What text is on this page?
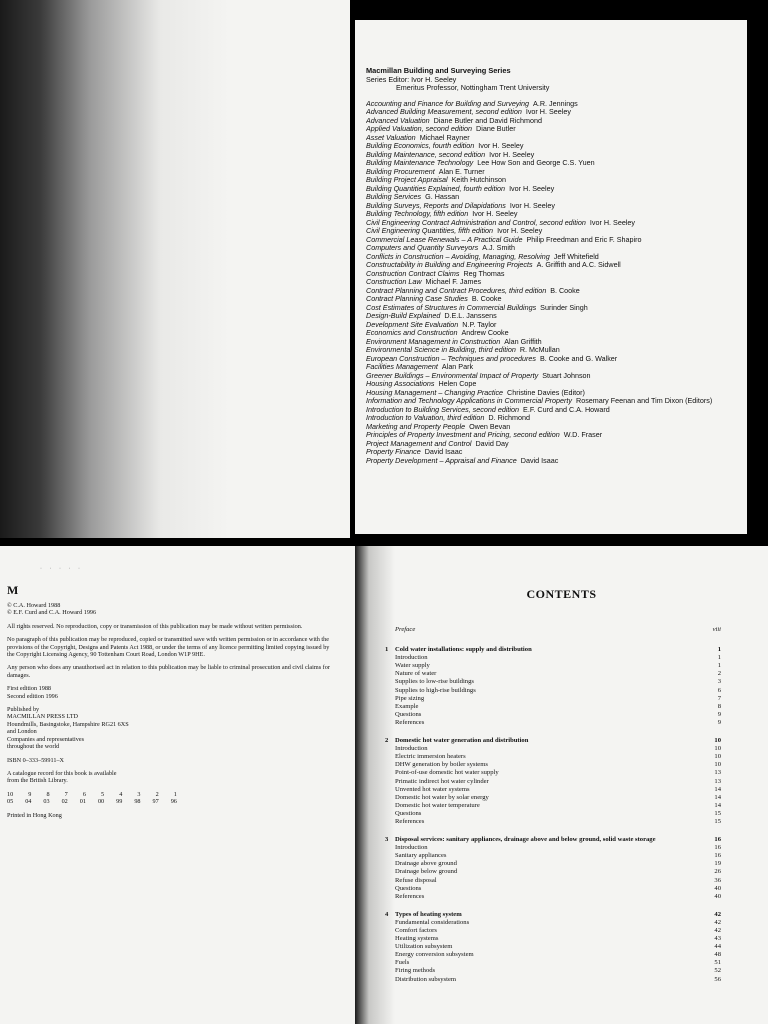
Macmillan Building and Surveying Series
Series Editor: Ivor H. Seeley
Emeritus Professor, Nottingham Trent University
Accounting and Finance for Building and Surveying A.R. Jennings
Advanced Building Measurement, second edition Ivor H. Seeley
Advanced Valuation Diane Butler and David Richmond
Applied Valuation, second edition Diane Butler
Asset Valuation Michael Rayner
Building Economics, fourth edition Ivor H. Seeley
Building Maintenance, second edition Ivor H. Seeley
Building Maintenance Technology Lee How Son and George C.S. Yuen
Building Procurement Alan E. Turner
Building Project Appraisal Keith Hutchinson
Building Quantities Explained, fourth edition Ivor H. Seeley
Building Services G. Hassan
Building Surveys, Reports and Dilapidations Ivor H. Seeley
Building Technology, fifth edition Ivor H. Seeley
Civil Engineering Contract Administration and Control, second edition Ivor H. Seeley
Civil Engineering Quantities, fifth edition Ivor H. Seeley
Commercial Lease Renewals – A Practical Guide Philip Freedman and Eric F. Shapiro
Computers and Quantity Surveyors A.J. Smith
Conflicts in Construction – Avoiding, Managing, Resolving Jeff Whitefield
Constructability in Building and Engineering Projects A. Griffith and A.C. Sidwell
Construction Contract Claims Reg Thomas
Construction Law Michael F. James
Contract Planning and Contract Procedures, third edition B. Cooke
Contract Planning Case Studies B. Cooke
Cost Estimates of Structures in Commercial Buildings Surinder Singh
Design-Build Explained D.E.L. Janssens
Development Site Evaluation N.P. Taylor
Economics and Construction Andrew Cooke
Environment Management in Construction Alan Griffith
Environmental Science in Building, third edition R. McMullan
European Construction – Techniques and procedures B. Cooke and G. Walker
Facilities Management Alan Park
Greener Buildings – Environmental Impact of Property Stuart Johnson
Housing Associations Helen Cope
Housing Management – Changing Practice Christine Davies (Editor)
Information and Technology Applications in Commercial Property Rosemary Feenan and Tim Dixon (Editors)
Introduction to Building Services, second edition E.F. Curd and C.A. Howard
Introduction to Valuation, third edition D. Richmond
Marketing and Property People Owen Bevan
Principles of Property Investment and Pricing, second edition W.D. Fraser
Project Management and Control David Day
Property Finance David Isaac
Property Development – Appraisal and Finance David Isaac
· · · · ·
M

© C.A. Howard 1988
© E.F. Curd and C.A. Howard 1996

All rights reserved. No reproduction, copy or transmission of this publication may be made without written permission.

No paragraph of this publication may be reproduced, copied or transmitted save with written permission or in accordance with the provisions of the Copyright, Designs and Patents Act 1988, or under the terms of any licence permitting limited copying issued by the Copyright Licensing Agency, 90 Tottenham Court Road, London W1P 9HE.

Any person who does any unauthorised act in relation to this publication may be liable to criminal prosecution and civil claims for damages.

First edition 1988
Second edition 1996

Published by
MACMILLAN PRESS LTD
Houndmills, Basingstoke, Hampshire RG21 6XS
and London
Companies and representatives
throughout the world

ISBN 0–333–59911–X

A catalogue record for this book is available
from the British Library.

10 9 8 7 6 5 4 3 2 1
05 04 03 02 01 00 99 98 97 96

Printed in Hong Kong

CONTENTS
Preface	viii
1 Cold water installations: supply and distribution	1
Introduction	1
Water supply	1
Nature of water	2
Supplies to low-rise buildings	3
Supplies to high-rise buildings	6
Pipe sizing	7
Example	8
Questions	9
References	9
2 Domestic hot water generation and distribution	10
Introduction	10
Electric immersion heaters	10
DHW generation by boiler systems	10
Point-of-use domestic hot water supply	13
Primatic indirect hot water cylinder	13
Unvented hot water systems	14
Domestic hot water by solar energy	14
Domestic hot water temperature	14
Questions	15
References	15
3 Disposal services: sanitary appliances, drainage above and below ground, solid waste storage	16
Introduction	16
Sanitary appliances	16
Drainage above ground	19
Drainage below ground	26
Refuse disposal	36
Questions	40
References	40
4 Types of heating system	42
Fundamental considerations	42
Comfort factors	42
Heating systems	43
Utilization subsystem	44
Energy conversion subsystem	48
Fuels	51
Firing methods	52
Distribution subsystem	56
